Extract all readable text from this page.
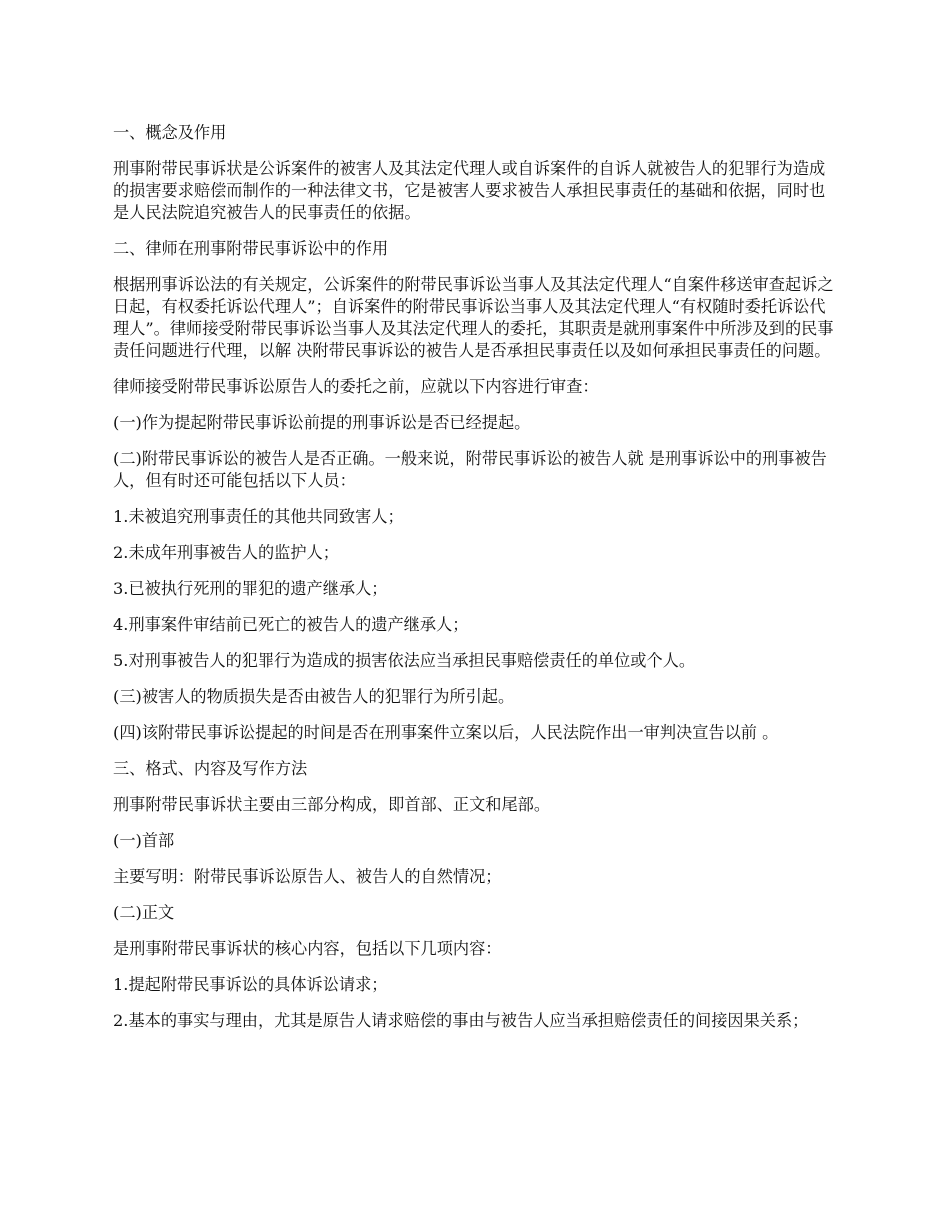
一、概念及作用

刑事附带民事诉状是公诉案件的被害人及其法定代理人或自诉案件的自诉人就被告人的犯罪行为造成的损害要求赔偿而制作的一种法律文书，它是被害人要求被告人承担民事责任的基础和依据，同时也是人民法院追究被告人的民事责任的依据。

二、律师在刑事附带民事诉讼中的作用

根据刑事诉讼法的有关规定，公诉案件的附带民事诉讼当事人及其法定代理人“自案件移送审查起诉之日起，有权委托诉讼代理人”；自诉案件的附带民事诉讼当事人及其法定代理人“有权随时委托诉讼代理人”。律师接受附带民事诉讼当事人及其法定代理人的委托，其职责是就刑事案件中所涉及到的民事责任问题进行代理，以解 决附带民事诉讼的被告人是否承担民事责任以及如何承担民事责任的问题。

律师接受附带民事诉讼原告人的委托之前，应就以下内容进行审查：

(一)作为提起附带民事诉讼前提的刑事诉讼是否已经提起。

(二)附带民事诉讼的被告人是否正确。一般来说，附带民事诉讼的被告人就 是刑事诉讼中的刑事被告人，但有时还可能包括以下人员：

1.未被追究刑事责任的其他共同致害人；

2.未成年刑事被告人的监护人；

3.已被执行死刑的罪犯的遗产继承人；

4.刑事案件审结前已死亡的被告人的遗产继承人；

5.对刑事被告人的犯罪行为造成的损害依法应当承担民事赔偿责任的单位或个人。

(三)被害人的物质损失是否由被告人的犯罪行为所引起。

(四)该附带民事诉讼提起的时间是否在刑事案件立案以后，人民法院作出一审判决宣告以前 。

三、格式、内容及写作方法

刑事附带民事诉状主要由三部分构成，即首部、正文和尾部。

(一)首部

主要写明：附带民事诉讼原告人、被告人的自然情况；

(二)正文

是刑事附带民事诉状的核心内容，包括以下几项内容：

1.提起附带民事诉讼的具体诉讼请求；

2.基本的事实与理由，尤其是原告人请求赔偿的事由与被告人应当承担赔偿责任的间接因果关系；
